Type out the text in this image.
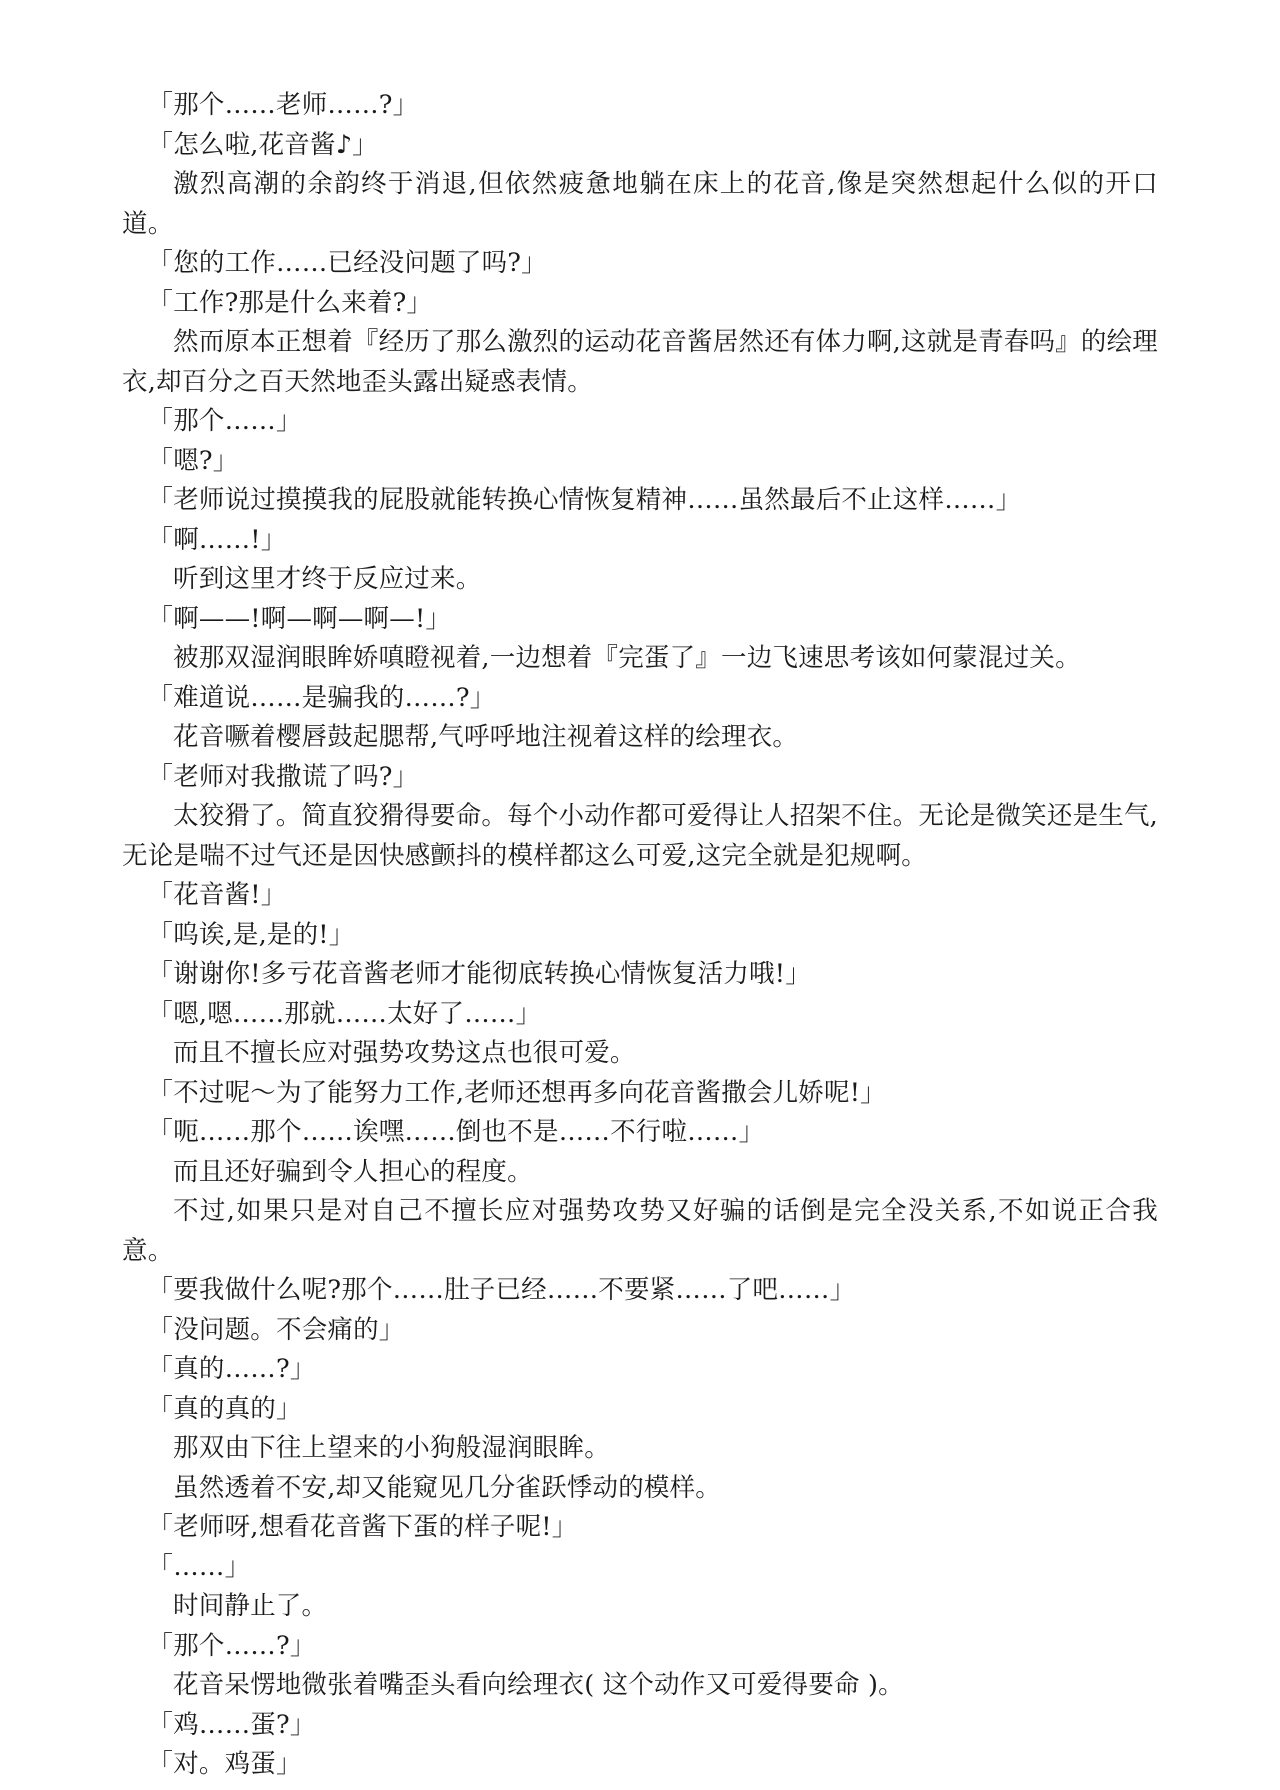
「那个……老师……?」

「怎么啦,花音酱♪」

激烈高潮的余韵终于消退,但依然疲惫地躺在床上的花音,像是突然想起什么似的开口道。

「您的工作……已经没问题了吗?」

「工作?那是什么来着?」

然而原本正想着『经历了那么激烈的运动花音酱居然还有体力啊,这就是青春吗』的绘理衣,却百分之百天然地歪头露出疑惑表情。

「那个……」

「嗯?」

「老师说过摸摸我的屁股就能转换心情恢复精神……虽然最后不止这样……」

「啊……!」

听到这里才终于反应过来。

「啊——!啊—啊—啊—!」

被那双湿润眼眸娇嗔瞪视着,一边想着『完蛋了』一边飞速思考该如何蒙混过关。

「难道说……是骗我的……?」

花音噘着樱唇鼓起腮帮,气呼呼地注视着这样的绘理衣。

「老师对我撒谎了吗?」

太狡猾了。简直狡猾得要命。每个小动作都可爱得让人招架不住。无论是微笑还是生气,无论是喘不过气还是因快感颤抖的模样都这么可爱,这完全就是犯规啊。

「花音酱!」

「呜诶,是,是的!」

「谢谢你!多亏花音酱老师才能彻底转换心情恢复活力哦!」

「嗯,嗯……那就……太好了……」

而且不擅长应对强势攻势这点也很可爱。

「不过呢～为了能努力工作,老师还想再多向花音酱撒会儿娇呢!」

「呃……那个……诶嘿……倒也不是……不行啦……」

而且还好骗到令人担心的程度。

不过,如果只是对自己不擅长应对强势攻势又好骗的话倒是完全没关系,不如说正合我意。

「要我做什么呢?那个……肚子已经……不要紧……了吧……」

「没问题。不会痛的」

「真的……?」

「真的真的」

那双由下往上望来的小狗般湿润眼眸。

虽然透着不安,却又能窥见几分雀跃悸动的模样。

「老师呀,想看花音酱下蛋的样子呢!」

「……」

时间静止了。

「那个……?」

花音呆愣地微张着嘴歪头看向绘理衣( 这个动作又可爱得要命 )。

「鸡……蛋?」

「对。鸡蛋」
